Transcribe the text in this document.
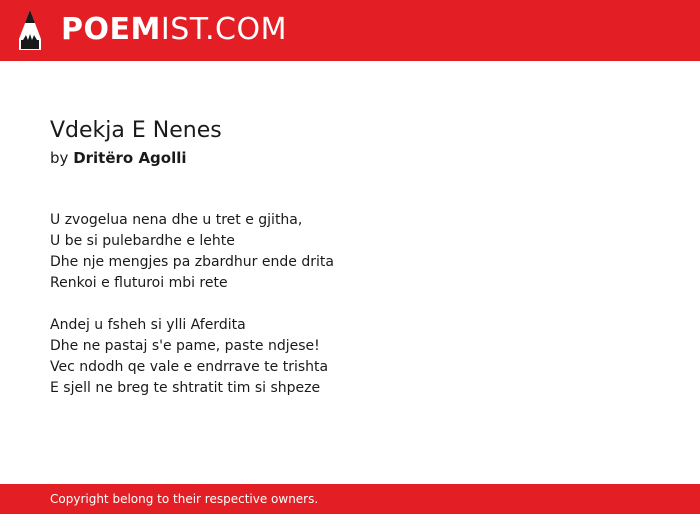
POEMIST.COM
Vdekja E Nenes

by Dritëro Agolli

U zvogelua nena dhe u tret e gjitha,
U be si pulebardhe e lehte
Dhe nje mengjes pa zbardhur ende drita
Renkoi e fluturoi mbi rete
Andej u fsheh si ylli Aferdita
Dhe ne pastaj s'e pame, paste ndjese!
Vec ndodh qe vale e endrrave te trishta
E sjell ne breg te shtratit tim si shpeze
Copyright belong to their respective owners.
